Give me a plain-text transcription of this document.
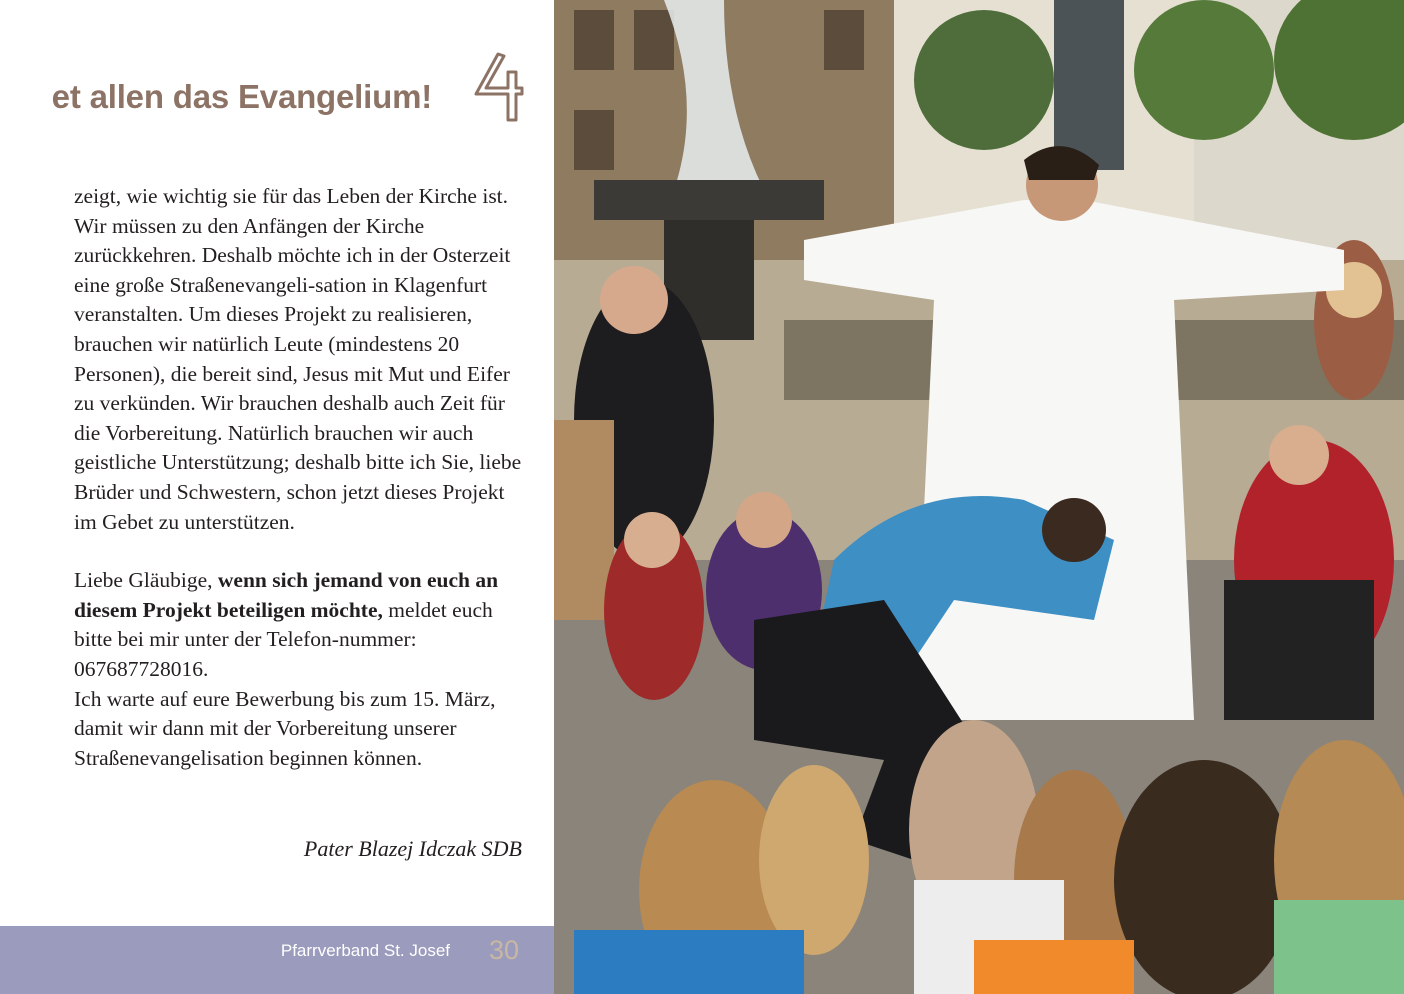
et allen das Evangelium!

zeigt, wie wichtig sie für das Leben der Kirche ist. Wir müssen zu den Anfängen der Kirche zurückkehren. Deshalb möchte ich in der Osterzeit eine große Straßenevangeli-sation in Klagenfurt veranstalten. Um dieses Projekt zu realisieren, brauchen wir natürlich Leute (mindestens 20 Personen), die bereit sind, Jesus mit Mut und Eifer zu verkünden. Wir brauchen deshalb auch Zeit für die Vorbereitung. Natürlich brauchen wir auch geistliche Unterstützung; deshalb bitte ich Sie, liebe Brüder und Schwestern, schon jetzt dieses Projekt im Gebet zu unterstützen.

Liebe Gläubige, wenn sich jemand von euch an diesem Projekt beteiligen möchte, meldet euch bitte bei mir unter der Telefon-nummer: 067687728016.

Ich warte auf eure Bewerbung bis zum 15. März, damit wir dann mit der Vorbereitung unserer Straßenevangelisation beginnen können.

Pater Blazej Idczak SDB
Pfarrverband St. Josef 30
